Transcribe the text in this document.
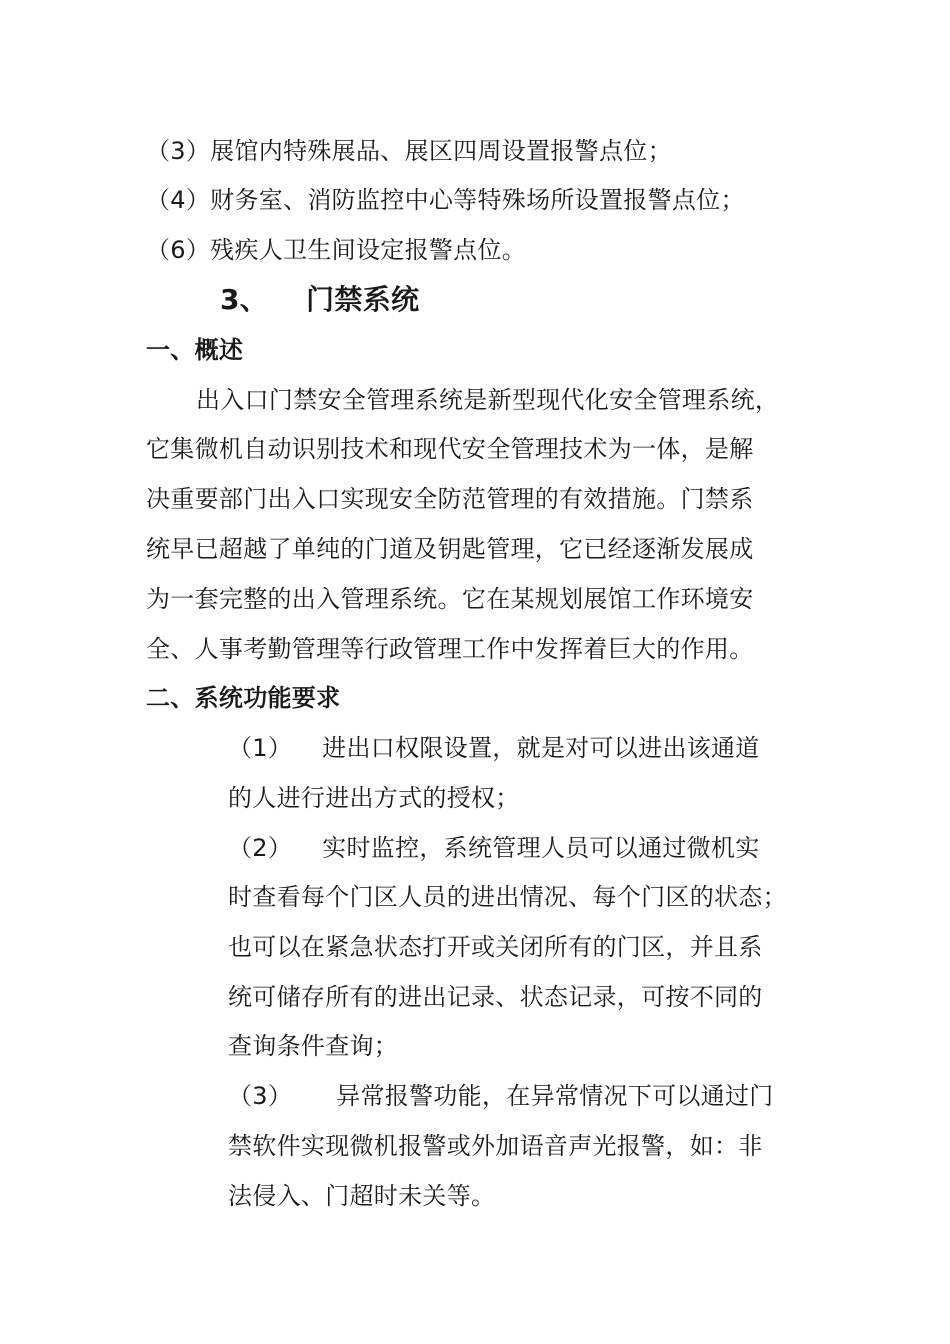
（3）展馆内特殊展品、展区四周设置报警点位；
（4）财务室、消防监控中心等特殊场所设置报警点位；
（6）残疾人卫生间设定报警点位。
3、 门禁系统
一、概述
出入口门禁安全管理系统是新型现代化安全管理系统，
它集微机自动识别技术和现代安全管理技术为一体，是解
决重要部门出入口实现安全防范管理的有效措施。门禁系
统早已超越了单纯的门道及钥匙管理，它已经逐渐发展成
为一套完整的出入管理系统。它在某规划展馆工作环境安
全、人事考勤管理等行政管理工作中发挥着巨大的作用。
二、系统功能要求
（1） 进出口权限设置，就是对可以进出该通道
的人进行进出方式的授权；
（2） 实时监控，系统管理人员可以通过微机实
时查看每个门区人员的进出情况、每个门区的状态；
也可以在紧急状态打开或关闭所有的门区，并且系
统可储存所有的进出记录、状态记录，可按不同的
查询条件查询；
（3） 异常报警功能，在异常情况下可以通过门
禁软件实现微机报警或外加语音声光报警，如：非
法侵入、门超时未关等。
